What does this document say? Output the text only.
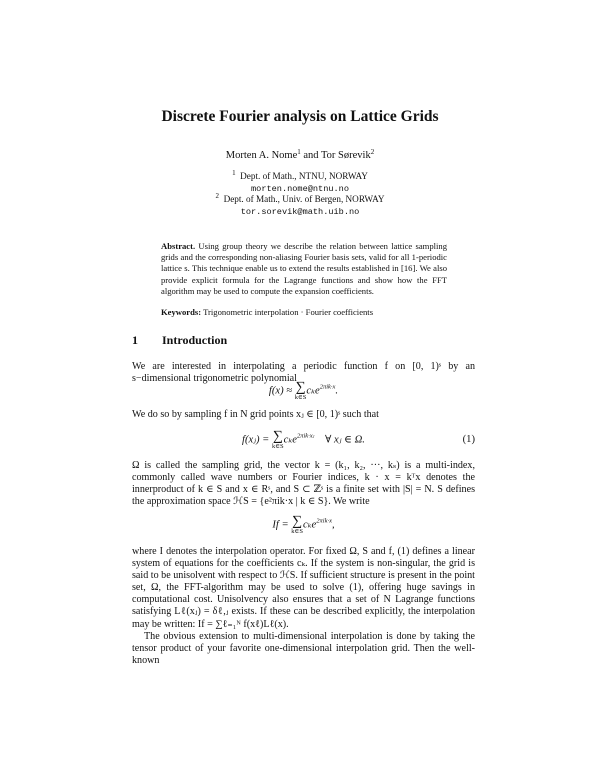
Discrete Fourier analysis on Lattice Grids
Morten A. Nome$^1$ and Tor Sørevik$^2$
$^1$ Dept. of Math., NTNU, NORWAY
morten.nome@ntnu.no
$^2$ Dept. of Math., Univ. of Bergen, NORWAY
tor.sorevik@math.uib.no
Abstract. Using group theory we describe the relation between lattice sampling grids and the corresponding non-aliasing Fourier basis sets, valid for all 1-periodic lattice s. This technique enable us to extend the results established in [16]. We also provide explicit formula for the Lagrange functions and show how the FFT algorithm may be used to compute the expansion coefficients.
Keywords: Trigonometric interpolation · Fourier coefficients
1 Introduction
We are interested in interpolating a periodic function f on [0, 1)ˢ by an s−dimensional trigonometric polynomial
f(x) ≈ ∑
k∈S
cₖe$^{2\pi ik\cdot x}$.
We do so by sampling f in N grid points xⱼ ∈ [0, 1)ˢ such that
f(xⱼ) = ∑
k∈S
cₖe$^{2\pi ik\cdot xⱼ}$ ∀ xⱼ ∈ Ω.	(1)
Ω is called the sampling grid, the vector k = (k₁, k₂, ···, kₛ) is a multi-index, commonly called wave numbers or Fourier indices, k · x = kᵀx denotes the innerproduct of k ∈ S and x ∈ Rˢ, and S ⊂ ℤˢ is a finite set with |S| = N. S defines the approximation space ℋS = {e²πik·x | k ∈ S}. We write
If = ∑
k∈S
cₖe$^{2\pi ik\cdot x}$,
where I denotes the interpolation operator. For fixed Ω, S and f, (1) defines a linear system of equations for the coefficients cₖ. If the system is non-singular, the grid is said to be unisolvent with respect to ℋS. If sufficient structure is present in the point set, Ω, the FFT-algorithm may be used to solve (1), offering huge savings in computational cost. Unisolvency also ensures that a set of N Lagrange functions satisfying Lℓ(xⱼ) = δℓ,ⱼ exists. If these can be described explicitly, the interpolation may be written: If = ∑ℓ₌₁ᴺ f(xℓ)Lℓ(x).
The obvious extension to multi-dimensional interpolation is done by taking the tensor product of your favorite one-dimensional interpolation grid. Then the well-known
